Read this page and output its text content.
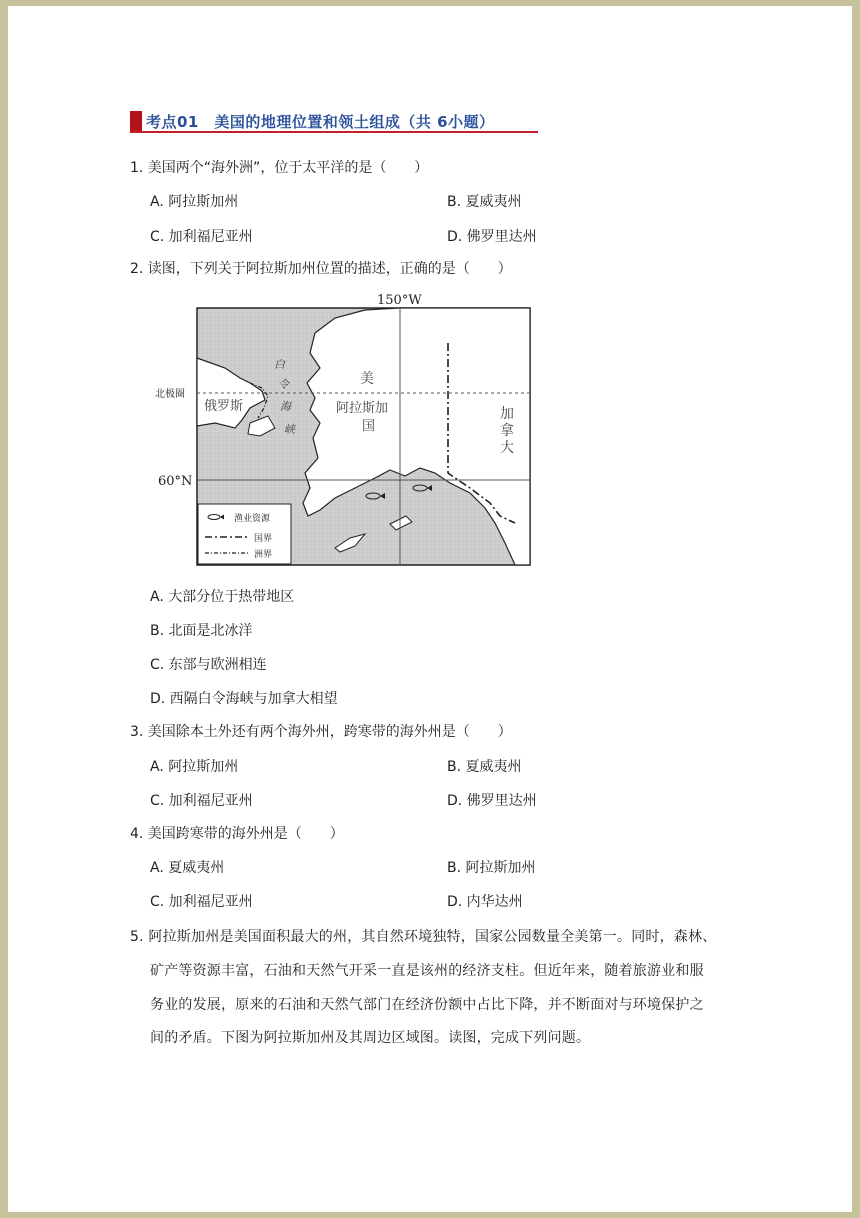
考点01　美国的地理位置和领土组成（共 6小题）
1. 美国两个“海外洲”，位于太平洋的是（　　）
A. 阿拉斯加州	B. 夏威夷州
C. 加利福尼亚州	D. 佛罗里达州
2. 读图，下列关于阿拉斯加州位置的描述，正确的是（　　）
150°W
60°N
北极圈
俄罗斯
白
令
海
峡
美
阿拉斯加
国
加
拿
大
渔业资源
国界
洲界
A. 大部分位于热带地区
B. 北面是北冰洋
C. 东部与欧洲相连
D. 西隔白令海峡与加拿大相望
3. 美国除本土外还有两个海外州，跨寒带的海外州是（　　）
A. 阿拉斯加州	B. 夏威夷州
C. 加利福尼亚州	D. 佛罗里达州
4. 美国跨寒带的海外州是（　　）
A. 夏威夷州	B. 阿拉斯加州
C. 加利福尼亚州	D. 内华达州
5. 阿拉斯加州是美国面积最大的州，其自然环境独特，国家公园数量全美第一。同时，森林、
矿产等资源丰富，石油和天然气开采一直是该州的经济支柱。但近年来，随着旅游业和服
务业的发展，原来的石油和天然气部门在经济份额中占比下降，并不断面对与环境保护之
间的矛盾。下图为阿拉斯加州及其周边区域图。读图，完成下列问题。
